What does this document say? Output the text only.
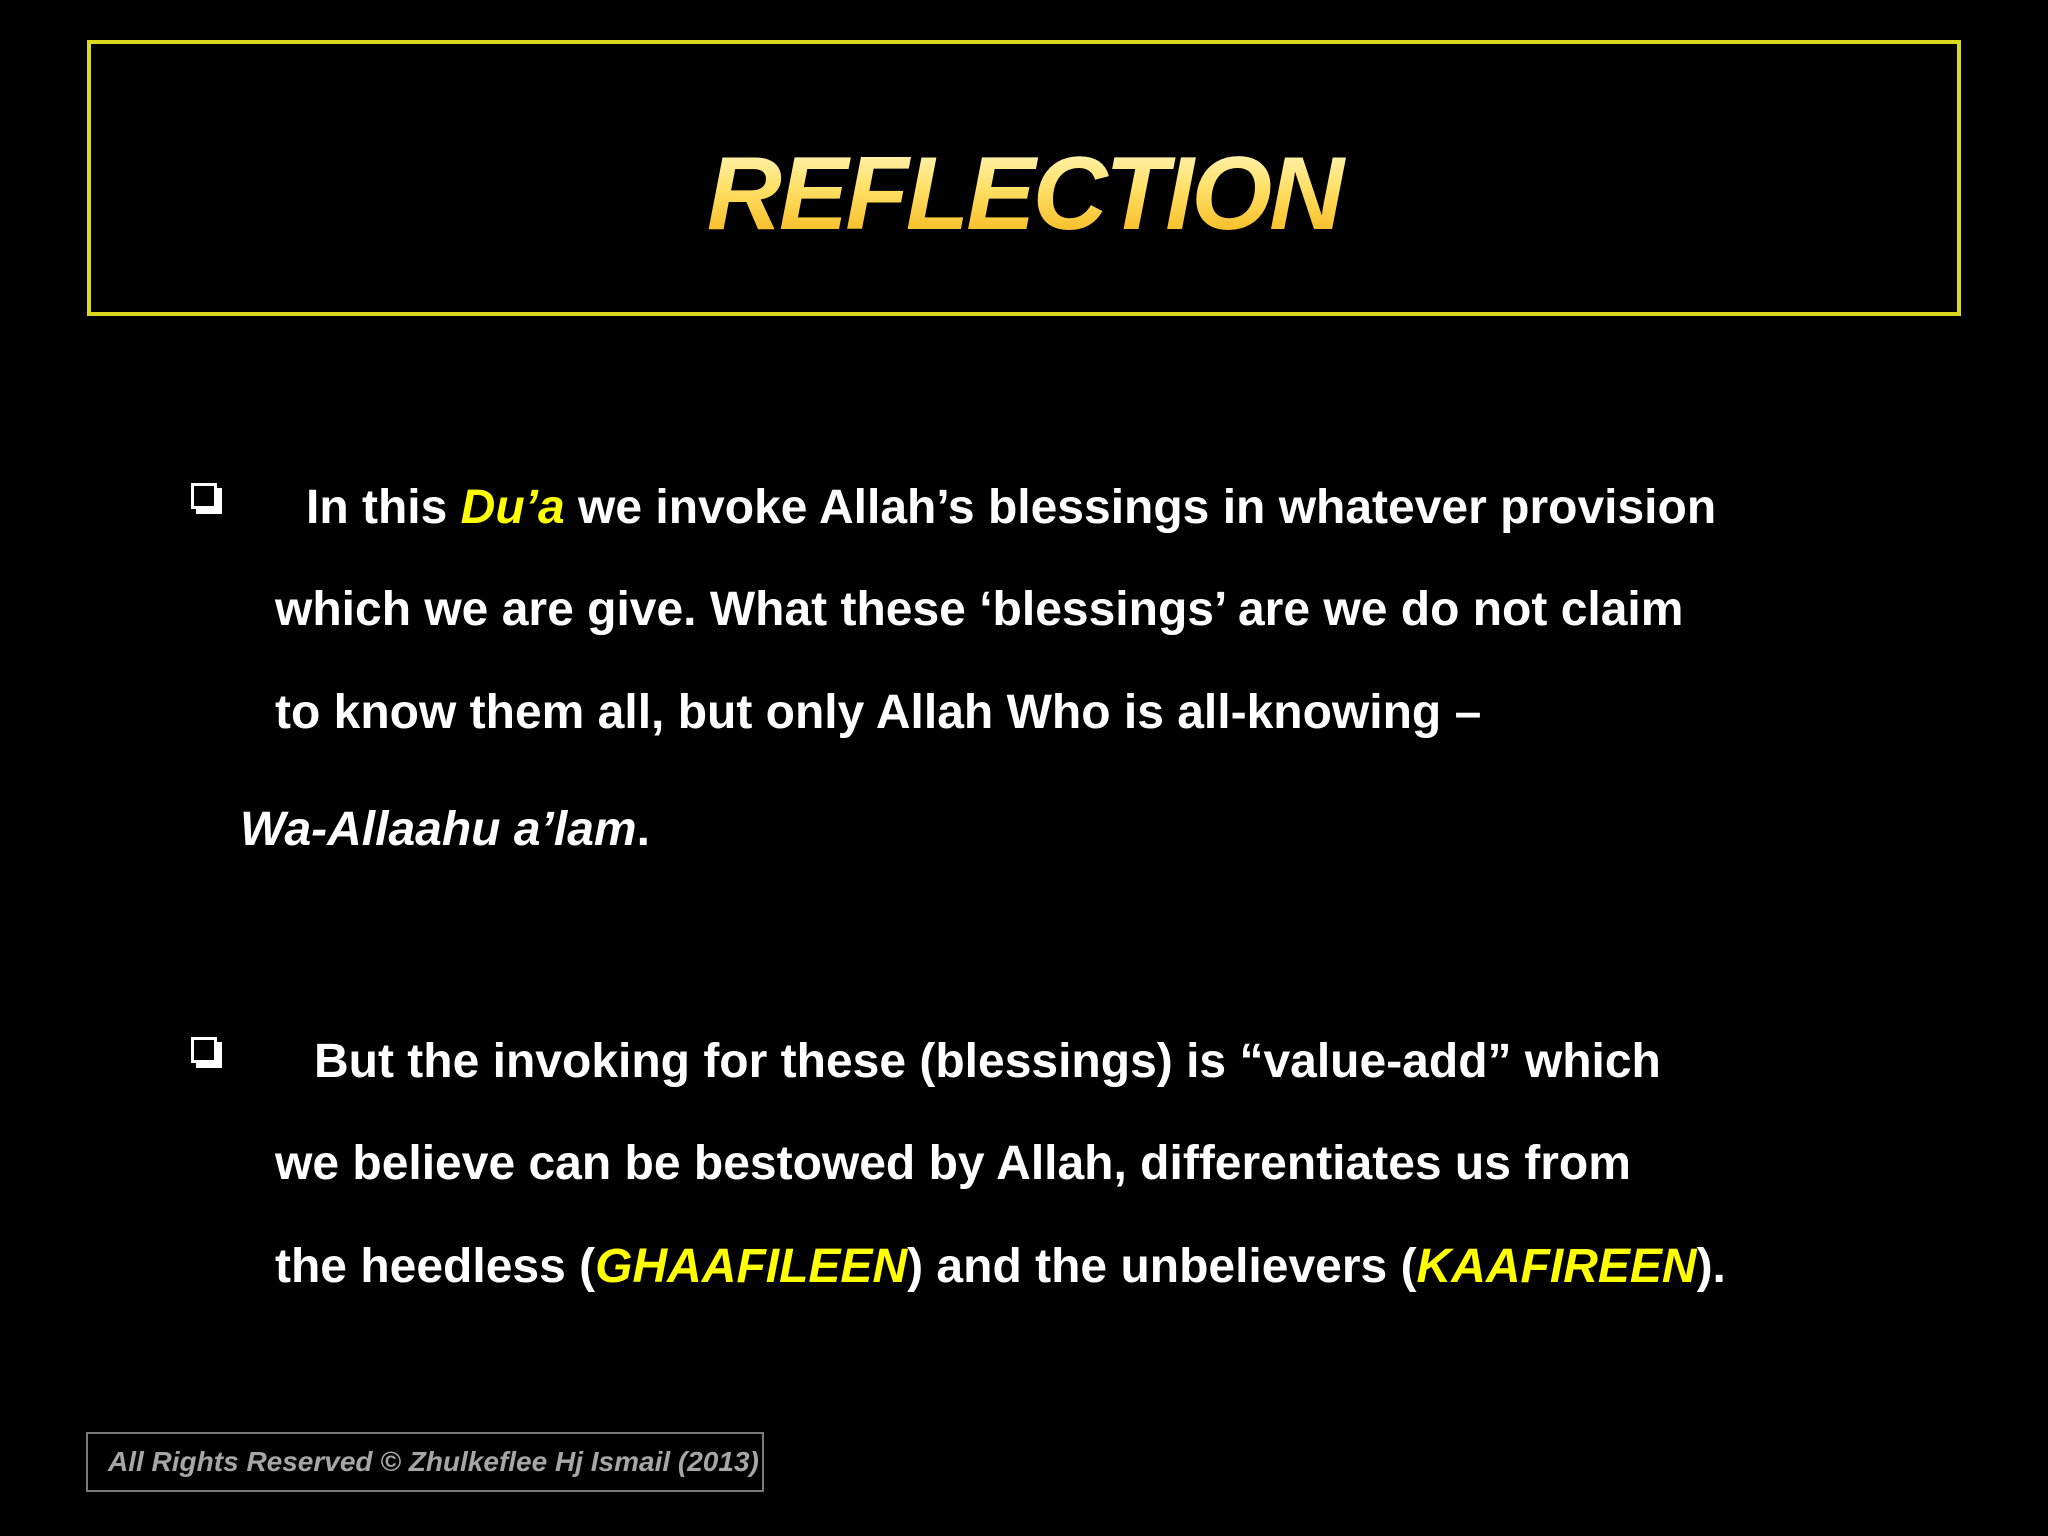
REFLECTION
In this Du’a we invoke Allah’s blessings in whatever provision
which we are give. What these ‘blessings’ are we do not claim
to know them all, but only Allah Who is all-knowing –
Wa-Allaahu a’lam.
But the invoking for these (blessings) is “value-add” which
we believe can be bestowed by Allah, differentiates us from
the heedless (GHAAFILEEN) and the unbelievers (KAAFIREEN).
All Rights Reserved © Zhulkeflee Hj Ismail (2013)
